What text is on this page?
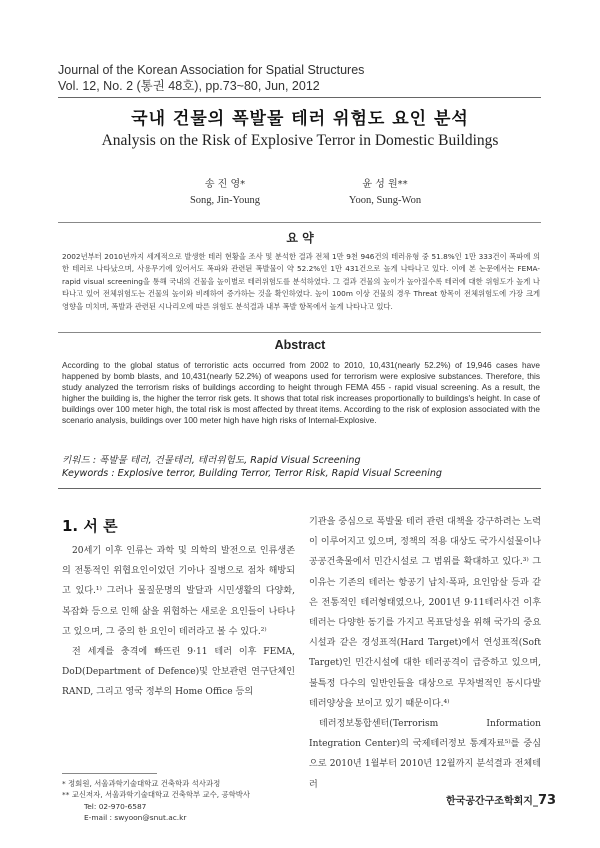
Journal of the Korean Association for Spatial Structures
Vol. 12, No. 2 (통권 48호), pp.73~80, Jun, 2012
국내 건물의 폭발물 테러 위험도 요인 분석
Analysis on the Risk of Explosive Terror in Domestic Buildings
송 진 영*
Song, Jin-Young
윤 성 원**
Yoon, Sung-Won
요 약
2002년부터 2010년까지 세계적으로 발생한 테러 현황을 조사 및 분석한 결과 전체 1만 9천 946건의 테러유형 중 51.8%인 1만 333건이 폭파에 의한 테러로 나타났으며, 사용무기에 있어서도 폭파와 관련된 폭발물이 약 52.2%인 1만 431건으로 높게 나타나고 있다. 이에 본 논문에서는 FEMA-rapid visual screening을 통해 국내의 건물을 높이별로 테러위험도를 분석하였다. 그 결과 건물의 높이가 높아질수록 테러에 대한 위험도가 높게 나타나고 있어 전체위험도는 건물의 높이와 비례하여 증가하는 것을 확인하였다. 높이 100m 이상 건물의 경우 Threat 항목이 전체위험도에 가장 크게 영향을 미치며, 폭발과 관련된 시나리오에 따른 위험도 분석결과 내부 폭발 항목에서 높게 나타나고 있다.
Abstract
According to the global status of terroristic acts occurred from 2002 to 2010, 10,431(nearly 52.2%) of 19,946 cases have happened by bomb blasts, and 10,431(nearly 52.2%) of weapons used for terrorism were explosive substances. Therefore, this study analyzed the terrorism risks of buildings according to height through FEMA 455 - rapid visual screening. As a result, the higher the building is, the higher the terror risk gets. It shows that total risk increases proportionally to buildings's height. In case of buildings over 100 meter high, the total risk is most affected by threat items. According to the risk of explosion associated with the scenario analysis, buildings over 100 meter high have high risks of Internal-Explosive.
키워드 : 폭발물 테러, 건물테러, 테러위험도, Rapid Visual Screening
Keywords : Explosive terror, Building Terror, Terror Risk, Rapid Visual Screening
1. 서 론

20세기 이후 인류는 과학 및 의학의 발전으로 인류생존의 전통적인 위협요인이었던 기아나 질병으로 점차 해방되고 있다.¹⁾ 그러나 물질문명의 발달과 시민생활의 다양화, 복잡화 등으로 인해 삶을 위협하는 새로운 요인들이 나타나고 있으며, 그 중의 한 요인이 테러라고 볼 수 있다.²⁾

전 세계를 충격에 빠뜨린 9·11 테러 이후 FEMA, DoD(Department of Defence)및 안보관련 연구단체인 RAND, 그리고 영국 정부의 Home Office 등의

기관을 중심으로 폭발물 테러 관련 대책을 강구하려는 노력이 이루어지고 있으며, 정책의 적용 대상도 국가시설물이나 공공건축물에서 민간시설로 그 범위를 확대하고 있다.³⁾ 그 이유는 기존의 테러는 항공기 납치·폭파, 요인암살 등과 같은 전통적인 테러형태였으나, 2001년 9·11테러사건 이후 테러는 다양한 동기를 가지고 목표달성을 위해 국가의 중요시설과 같은 경성표적(Hard Target)에서 연성표적(Soft Target)인 민간시설에 대한 테러공격이 급증하고 있으며, 불특정 다수의 일반인들을 대상으로 무차별적인 동시다발 테러양상을 보이고 있기 때문이다.⁴⁾

테러정보통합센터(Terrorism Information Integration Center)의 국제테러정보 통계자료⁵⁾를 중심으로 2010년 1월부터 2010년 12월까지 분석결과 전체테러

* 정회원, 서울과학기술대학교 건축학과 석사과정
** 교신저자, 서울과학기술대학교 건축학부 교수, 공학박사
Tel: 02-970-6587
E-mail : swyoon@snut.ac.kr
한국공간구조학회지_73
